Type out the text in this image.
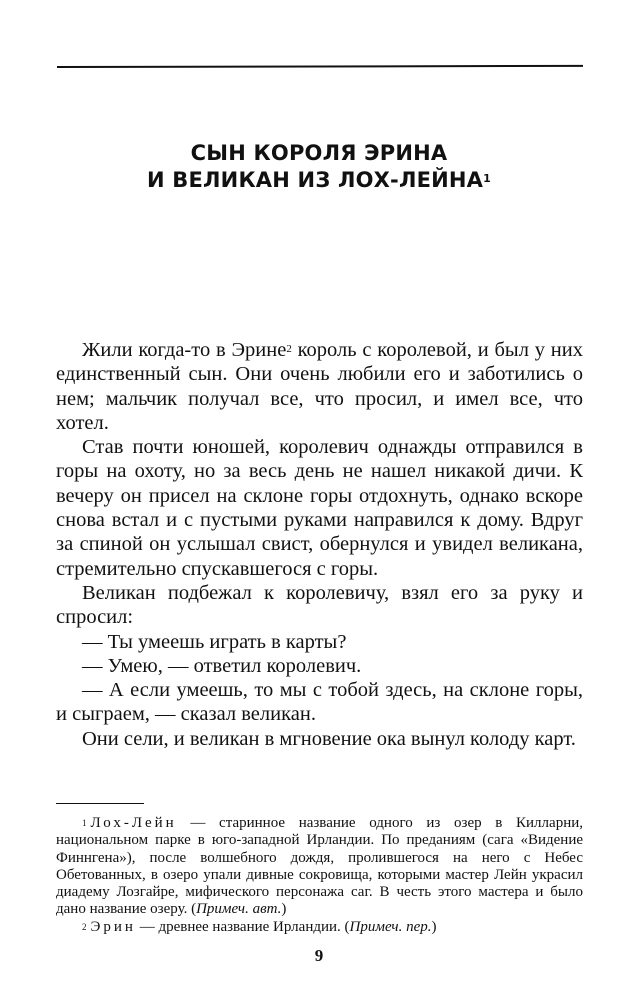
СЫН КОРОЛЯ ЭРИНА
И ВЕЛИКАН ИЗ ЛОХ-ЛЕЙНА$^1$

Жили когда-то в Эрине$^2$ король с королевой, и был у них единственный сын. Они очень любили его и заботились о нем; мальчик получал все, что просил, и имел все, что хотел.

Став почти юношей, королевич однажды отправился в горы на охоту, но за весь день не нашел никакой дичи. К вечеру он присел на склоне горы отдохнуть, однако вскоре снова встал и с пустыми руками направился к дому. Вдруг за спиной он услышал свист, обернулся и увидел великана, стремительно спускавшегося с горы.

Великан подбежал к королевичу, взял его за руку и спросил:

— Ты умеешь играть в карты?

— Умею, — ответил королевич.

— А если умеешь, то мы с тобой здесь, на склоне горы, и сыграем, — сказал великан.

Они сели, и великан в мгновение ока вынул колоду карт.

$^1$ Лох-Лейн — старинное название одного из озер в Килларни, национальном парке в юго-западной Ирландии. По преданиям (сага «Видение Финнгена»), после волшебного дождя, пролившегося на него с Небес Обетованных, в озеро упали дивные сокровища, которыми мастер Лейн украсил диадему Лозгайре, мифического персонажа саг. В честь этого мастера и было дано название озеру. (Примеч. авт.)

$^2$ Эрин — древнее название Ирландии. (Примеч. пер.)

9
